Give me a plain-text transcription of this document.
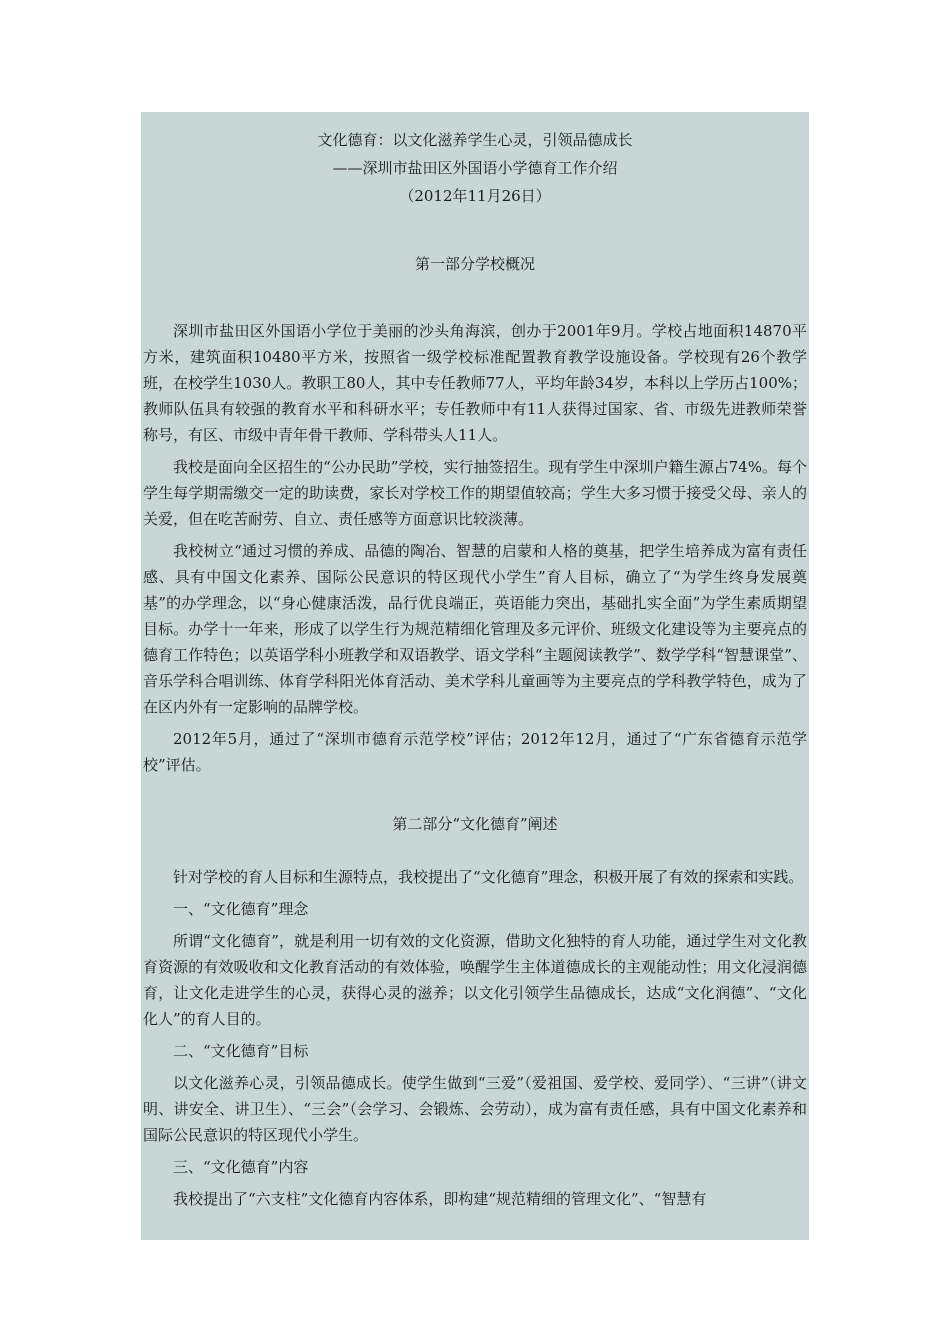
文化德育：以文化滋养学生心灵，引领品德成长
——深圳市盐田区外国语小学德育工作介绍
（2012年11月26日）
第一部分学校概况

深圳市盐田区外国语小学位于美丽的沙头角海滨，创办于2001年9月。学校占地面积14870平方米，建筑面积10480平方米，按照省一级学校标准配置教育教学设施设备。学校现有26个教学班，在校学生1030人。教职工80人，其中专任教师77人，平均年龄34岁，本科以上学历占100%；教师队伍具有较强的教育水平和科研水平；专任教师中有11人获得过国家、省、市级先进教师荣誉称号，有区、市级中青年骨干教师、学科带头人11人。

我校是面向全区招生的“公办民助”学校，实行抽签招生。现有学生中深圳户籍生源占74%。每个学生每学期需缴交一定的助读费，家长对学校工作的期望值较高；学生大多习惯于接受父母、亲人的关爱，但在吃苦耐劳、自立、责任感等方面意识比较淡薄。

我校树立“通过习惯的养成、品德的陶冶、智慧的启蒙和人格的奠基，把学生培养成为富有责任感、具有中国文化素养、国际公民意识的特区现代小学生”育人目标，确立了“为学生终身发展奠基”的办学理念，以“身心健康活泼，品行优良端正，英语能力突出，基础扎实全面”为学生素质期望目标。办学十一年来，形成了以学生行为规范精细化管理及多元评价、班级文化建设等为主要亮点的德育工作特色；以英语学科小班教学和双语教学、语文学科“主题阅读教学”、数学学科“智慧课堂”、音乐学科合唱训练、体育学科阳光体育活动、美术学科儿童画等为主要亮点的学科教学特色，成为了在区内外有一定影响的品牌学校。

2012年5月，通过了“深圳市德育示范学校”评估；2012年12月，通过了“广东省德育示范学校”评估。

第二部分“文化德育”阐述

针对学校的育人目标和生源特点，我校提出了“文化德育”理念，积极开展了有效的探索和实践。

一、“文化德育”理念

所谓“文化德育”，就是利用一切有效的文化资源，借助文化独特的育人功能，通过学生对文化教育资源的有效吸收和文化教育活动的有效体验，唤醒学生主体道德成长的主观能动性；用文化浸润德育，让文化走进学生的心灵，获得心灵的滋养；以文化引领学生品德成长，达成“文化润德”、“文化化人”的育人目的。

二、“文化德育”目标

以文化滋养心灵，引领品德成长。使学生做到“三爱”（爱祖国、爱学校、爱同学）、“三讲”（讲文明、讲安全、讲卫生）、“三会”（会学习、会锻炼、会劳动），成为富有责任感，具有中国文化素养和国际公民意识的特区现代小学生。

三、“文化德育”内容

我校提出了“六支柱”文化德育内容体系，即构建“规范精细的管理文化”、“智慧有
